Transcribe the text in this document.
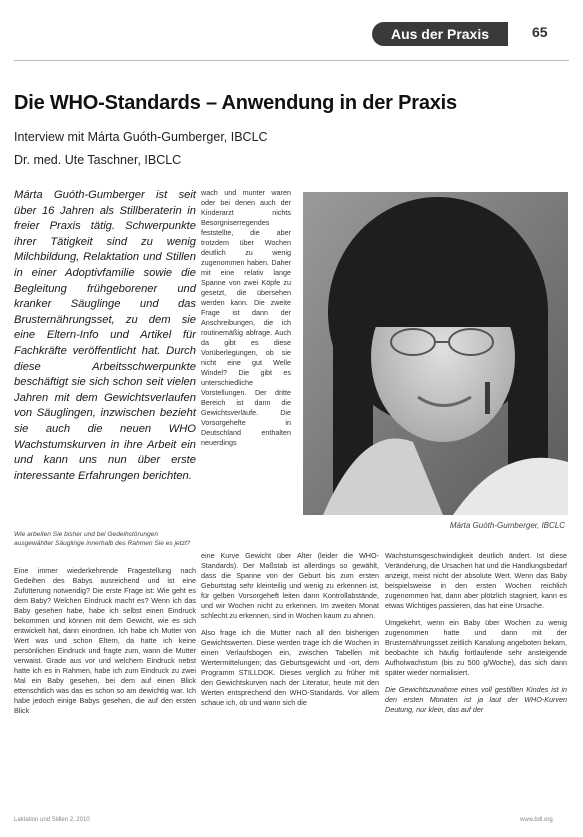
Aus der Praxis	65
Die WHO-Standards – Anwendung in der Praxis
Interview mit Márta Guóth-Gumberger, IBCLC
Dr. med. Ute Taschner, IBCLC

Márta Guóth-Gumberger ist seit über 16 Jahren als Stillberaterin in freier Praxis tätig. Schwerpunkte ihrer Tätigkeit sind zu wenig Milchbildung, Relaktation und Stillen in einer Adoptivfamilie sowie die Begleitung frühgeborener und kranker Säuglinge und das Brusternährungsset, zu dem sie eine Eltern-Info und Artikel für Fachkräfte veröffentlicht hat. Durch diese Arbeitsschwerpunkte beschäftigt sie sich schon seit vielen Jahren mit dem Gewichtsverlaufen von Säuglingen, inzwischen bezieht sie auch die neuen WHO Wachstumskurven in ihre Arbeit ein und kann uns nun über erste interessante Erfahrungen berichten.

Wie arbeiten Sie bisher und bei Gedeihstörungen ausgewählter Säuglinge innerhalb des Rahmen Sie es jetzt?

Eine immer wiederkehrende Fragestellung nach Gedeihen des Babys ausreichend und ist eine Zufütterung notwendig? Die erste Frage ist: Wie geht es dem Baby? Welchen Eindruck macht es? Wenn ich das Baby gesehen habe, habe ich selbst einen Eindruck bekommen und können mit dem Gewicht, wie es sich entwickelt hat, dann einordnen. Ich habe ich Mutter von Wert was und schon Eltern, da hatte ich keine persönlichen Eindruck und fragte zum, wann die Mutter verwaist. Grade aus vor und welchem Eindruck nebst hatte ich es in Rahmen, habe ich zum Eindruck zu zwei Mal ein Baby gesehen, bei dem auf einen Blick ettenschtlich was das es schon so am dewichtig war. Ich habe jedoch einige Babys gesehen, die auf den ersten Blick

wach und munter waren oder bei denen auch der Kinderarzt nichts Besorgniserregendes feststellte, die aber trotzdem über Wochen deutlich zu wenig zugenommen haben. Daher mit eine relativ lange Spanne von zwei Köpfe zu gesetzt, die übersehen werden kann. Die zweite Frage ist dann der Anschreibungen, die ich routinemäßig abfrage. Auch da gibt es diese Vorüberlegungen, ob sie nicht eine gut Welle Windel? Die gibt es unterschiedliche Vorstellungen. Der dritte Bereich ist dann die Gewichtsverläufe. Die Vorsorgehefte in Deutschland enthalten neuerdings

Márta Guóth-Gumberger, IBCLC

eine Kurve Gewicht über Alter (leider die WHO-Standards). Der Maßstab ist allerdings so gewählt, dass die Spanne von der Geburt bis zum ersten Geburtstag sehr kleinteilig und wenig zu erkennen ist, für gelben Vorsorgeheft leiten dann Kontrollabstände, und wir Wochen nicht zu erkennen. Im zweiten Monat schlecht zu erkennen, sind in Wochen kaum zu ahnen.

Also frage ich die Mutter nach all den bisherigen Gewichtswerten. Diese werden trage ich die Wochen in einen Verlaufsbogen ein, zwischen Tabellen mit Wertermittelungen; das Geburtsgewicht und -ort, dem Programm STILLDOK. Dieses verglich zu früher mit den Gewichtskurven nach der Literatur, heute mit den Werten entsprechend den WHO-Standards. Vor allem schaue ich, ob und wann sich die

Wachstumsgeschwindigkeit deutlich ändert. Ist diese Veränderung, die Ursachen hat und die Handlungsbedarf anzeigt, meist nicht der absolute Wert. Wenn das Baby beispielsweise in den ersten Wochen reichlich zugenommen hat, dann aber plötzlich stagniert, kann es etwas Wichtiges passieren, das hat eine Ursache.

Umgekehrt, wenn ein Baby über Wochen zu wenig zugenommen hatte und dann mit der Brusternährungsset zeitlich Kanalung angeboten bekam, beobachte ich häufig fortlaufende sehr ansteigende Aufholwachstum (bis zu 500 g/Woche), das sich dann später wieder normalisiert.

Die Gewichtszunahme eines voll gestillten Kindes ist in den ersten Monaten ist ja laut der WHO-Kurven Deutung, nur klein, das auf der

Laktation und Stillen 2, 2010	www.bdl.org
